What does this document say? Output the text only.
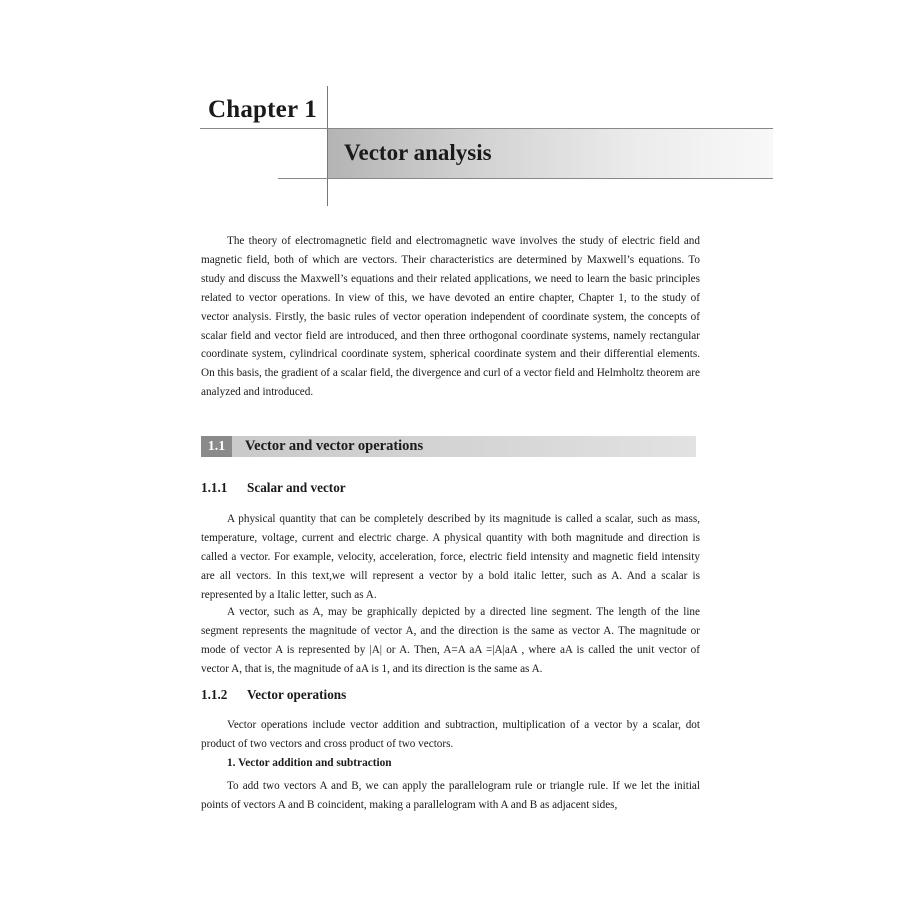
Chapter 1
Vector analysis

The theory of electromagnetic field and electromagnetic wave involves the study of electric field and magnetic field, both of which are vectors. Their characteristics are determined by Maxwell’s equations. To study and discuss the Maxwell’s equations and their related applications, we need to learn the basic principles related to vector operations. In view of this, we have devoted an entire chapter, Chapter 1, to the study of vector analysis. Firstly, the basic rules of vector operation independent of coordinate system, the concepts of scalar field and vector field are introduced, and then three orthogonal coordinate systems, namely rectangular coordinate system, cylindrical coordinate system, spherical coordinate system and their differential elements. On this basis, the gradient of a scalar field, the divergence and curl of a vector field and Helmholtz theorem are analyzed and introduced.

1.1	Vector and vector operations
1.1.1 Scalar and vector

A physical quantity that can be completely described by its magnitude is called a scalar, such as mass, temperature, voltage, current and electric charge. A physical quantity with both magnitude and direction is called a vector. For example, velocity, acceleration, force, electric field intensity and magnetic field intensity are all vectors. In this text,we will represent a vector by a bold italic letter, such as A. And a scalar is represented by a Italic letter, such as A.

A vector, such as A, may be graphically depicted by a directed line segment. The length of the line segment represents the magnitude of vector A, and the direction is the same as vector A. The magnitude or mode of vector A is represented by |A| or A. Then, A=A aA =|A|aA , where aA is called the unit vector of vector A, that is, the magnitude of aA is 1, and its direction is the same as A.

1.1.2 Vector operations

Vector operations include vector addition and subtraction, multiplication of a vector by a scalar, dot product of two vectors and cross product of two vectors.

1. Vector addition and subtraction

To add two vectors A and B, we can apply the parallelogram rule or triangle rule. If we let the initial points of vectors A and B coincident, making a parallelogram with A and B as adjacent sides,
